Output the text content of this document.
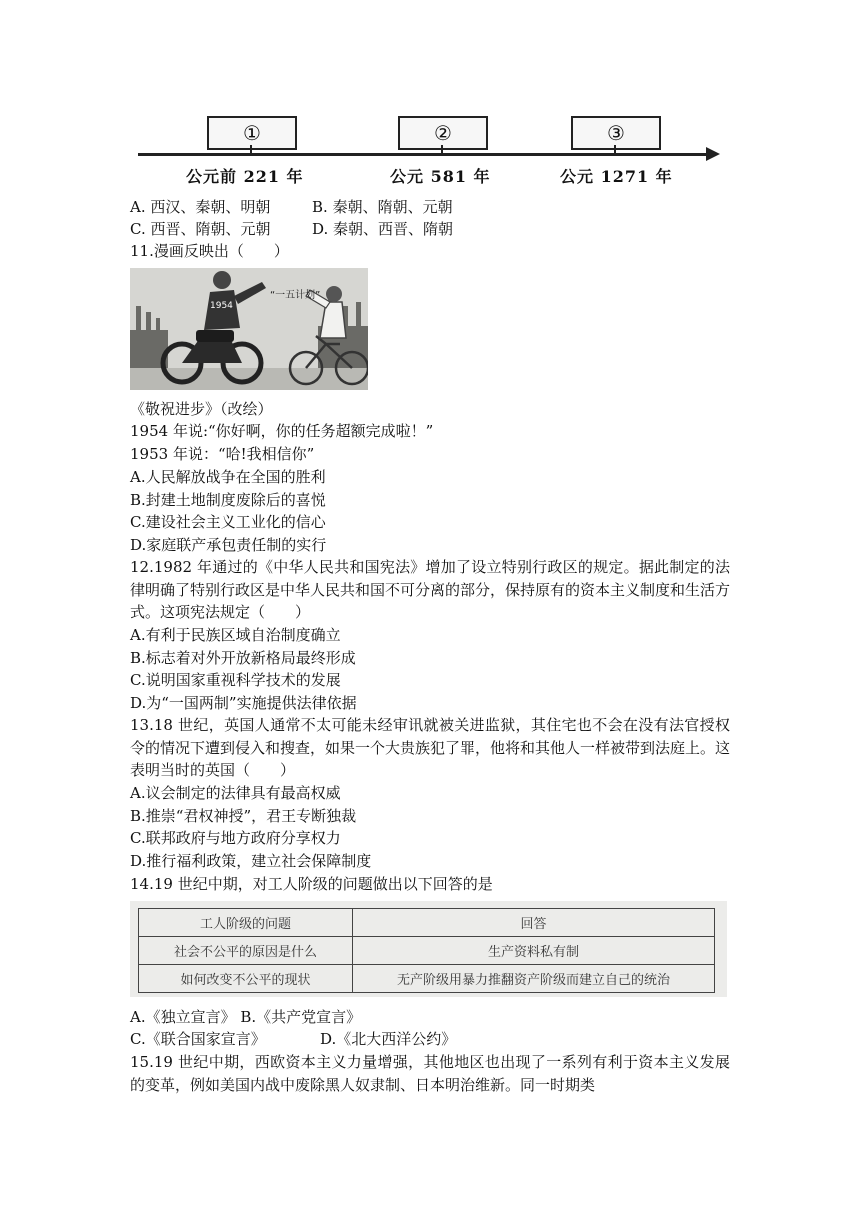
①	②	③
公元前 221 年	公元 581 年	公元 1271 年
A. 西汉、秦朝、明朝	B. 秦朝、隋朝、元朝
C. 西晋、隋朝、元朝	D. 秦朝、西晋、隋朝
11.漫画反映出（　　）
1954
“一五计划”
《敬祝进步》（改绘）
1954 年说:“你好啊，你的任务超额完成啦！”
1953 年说：“哈!我相信你”
A.人民解放战争在全国的胜利
B.封建土地制度废除后的喜悦
C.建设社会主义工业化的信心
D.家庭联产承包责任制的实行

12.1982 年通过的《中华人民共和国宪法》增加了设立特别行政区的规定。据此制定的法律明确了特别行政区是中华人民共和国不可分离的部分，保持原有的资本主义制度和生活方式。这项宪法规定（　　）

A.有利于民族区域自治制度确立
B.标志着对外开放新格局最终形成
C.说明国家重视科学技术的发展
D.为“一国两制”实施提供法律依据

13.18 世纪，英国人通常不太可能未经审讯就被关进监狱，其住宅也不会在没有法官授权令的情况下遭到侵入和搜查，如果一个大贵族犯了罪，他将和其他人一样被带到法庭上。这表明当时的英国（　　）

A.议会制定的法律具有最高权威
B.推崇“君权神授”，君王专断独裁
C.联邦政府与地方政府分享权力
D.推行福利政策，建立社会保障制度
14.19 世纪中期，对工人阶级的问题做出以下回答的是
工人阶级的问题	回答
社会不公平的原因是什么	生产资料私有制
如何改变不公平的现状	无产阶级用暴力推翻资产阶级而建立自己的统治
A.《独立宣言》 B.《共产党宣言》
C.《联合国家宣言》	D.《北大西洋公约》

15.19 世纪中期，西欧资本主义力量增强，其他地区也出现了一系列有利于资本主义发展的变革，例如美国内战中废除黑人奴隶制、日本明治维新。同一时期类
